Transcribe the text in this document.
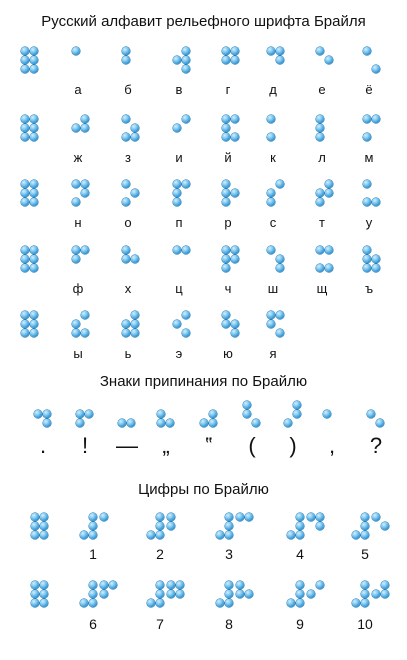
Русский алфавит рельефного шрифта Брайля
Знаки припинания по Брайлю
Цифры по Брайлю
а	б	в	г	д	е	ё
ж	з	и	й	к	л	м
н	о	п	р	с	т	у
ф	х	ц	ч	ш	щ	ъ
ы	ь	э	ю	я
.	!	—	„	‟	(	)	,	?
1	2	3	4	5
6	7	8	9	10
